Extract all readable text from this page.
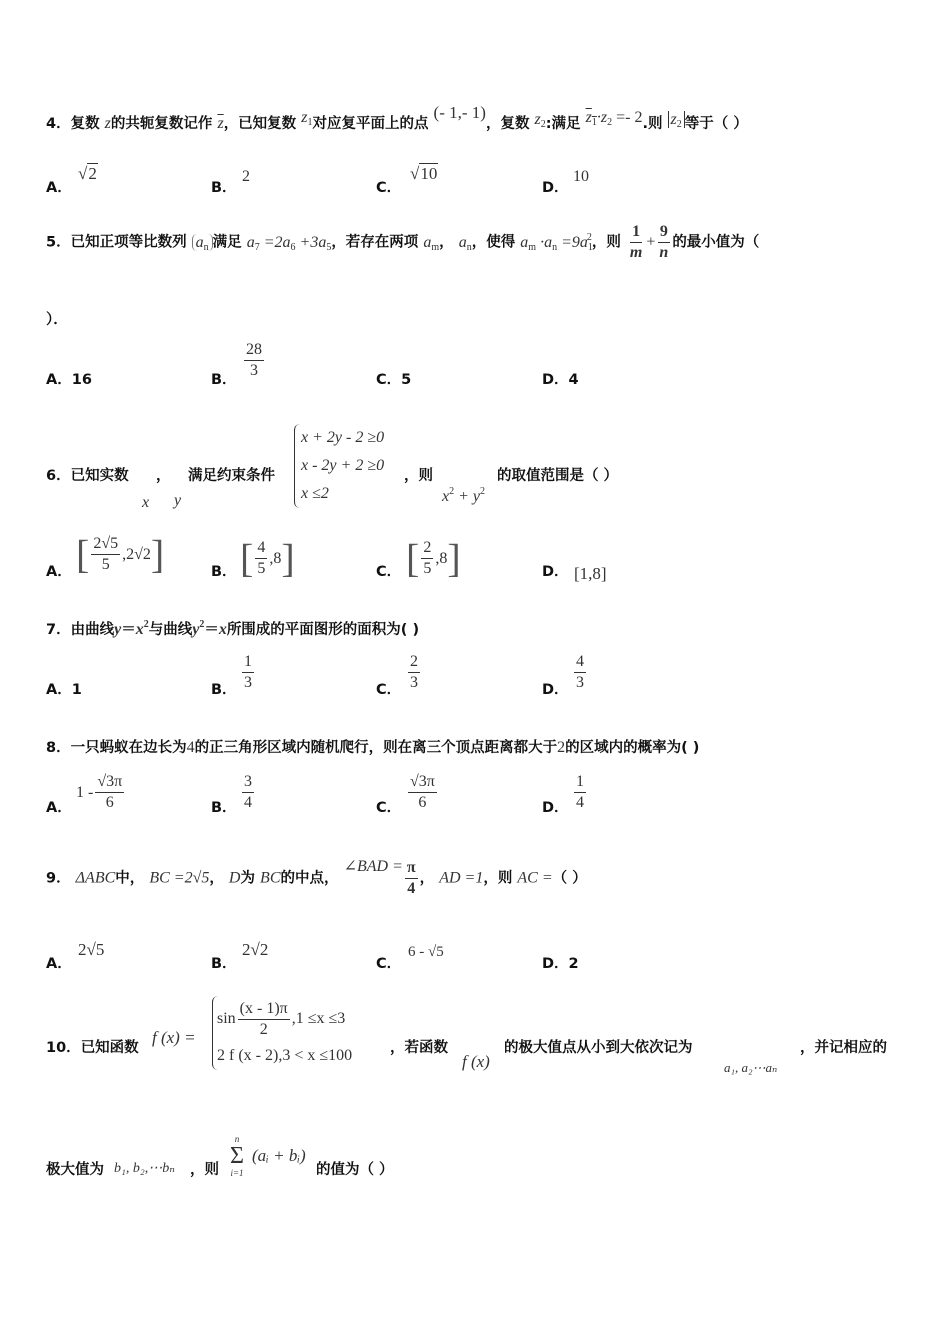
4．复数 z的共轭复数记作 $\overline{z}$，已知复数 $z_1$对应复平面上的点 (- 1,- 1)，复数 $z_2$:满足 $z_1\cdot z_2 =- 2$.则 $z_2$ 等于（ ）
A．
√2
B．
2
C．
√10
D．
10
5．已知正项等比数列 $a_n$ 满足 $a_7 =2a_6 +3a_5$，若存在两项 $a_m$， $a_n$，使得 $a_m \cdot a_n =9a_1^2$，则 $\frac{1}{m} + \frac{9}{n}$ 的最小值为（
）．
A．16	B． $\frac{28}{3}$	C．5	D．4
6．已知实数
x
，
y
满足约束条件
x + 2y - 2 ≥0
x - 2y + 2 ≥0
x ≤2
，则
$x^2 + y^2$
的取值范围是（ ）
A． [ $\frac{2√5}{5} ,2√2$]	B． [ $\frac{4}{5} ,8$]	C． [ $\frac{2}{5} ,8$]	D． [1,8]
7．由曲线$y=x^2$与曲线$y^2=x$所围成的平面图形的面积为( )
A．1	B． $\frac{1}{3}$	C． $\frac{2}{3}$	D． $\frac{4}{3}$
8．一只蚂蚁在边长为4的正三角形区域内随机爬行，则在离三个顶点距离都大于2的区域内的概率为( )
A．
$1 - \frac{√3\pi}{6}$	B． $\frac{3}{4}$	C． $\frac{√3\pi}{6}$	D． $\frac{1}{4}$
9． ΔABC中， BC =2√5， D为 BC的中点， ∠BAD = $\frac{\pi}{4}$ ， AD =1，则 AC =（ ）
A．
2√5
B．
2√2
C．
6 - √5
D．2
10．已知函数
f (x) =
$\sin \frac{(x - 1)\pi}{2} ,1 \le x \le 3$
2 f (x - 2),3 < x ≤100	，若函数
f (x)
的极大值点从小到大依次记为
a₁, a₂⋯aₙ
，并记相应的
极大值为 b₁, b₂,⋯bₙ ，则
n
Σ
i=1
(aᵢ + bᵢ)
的值为（ ）
